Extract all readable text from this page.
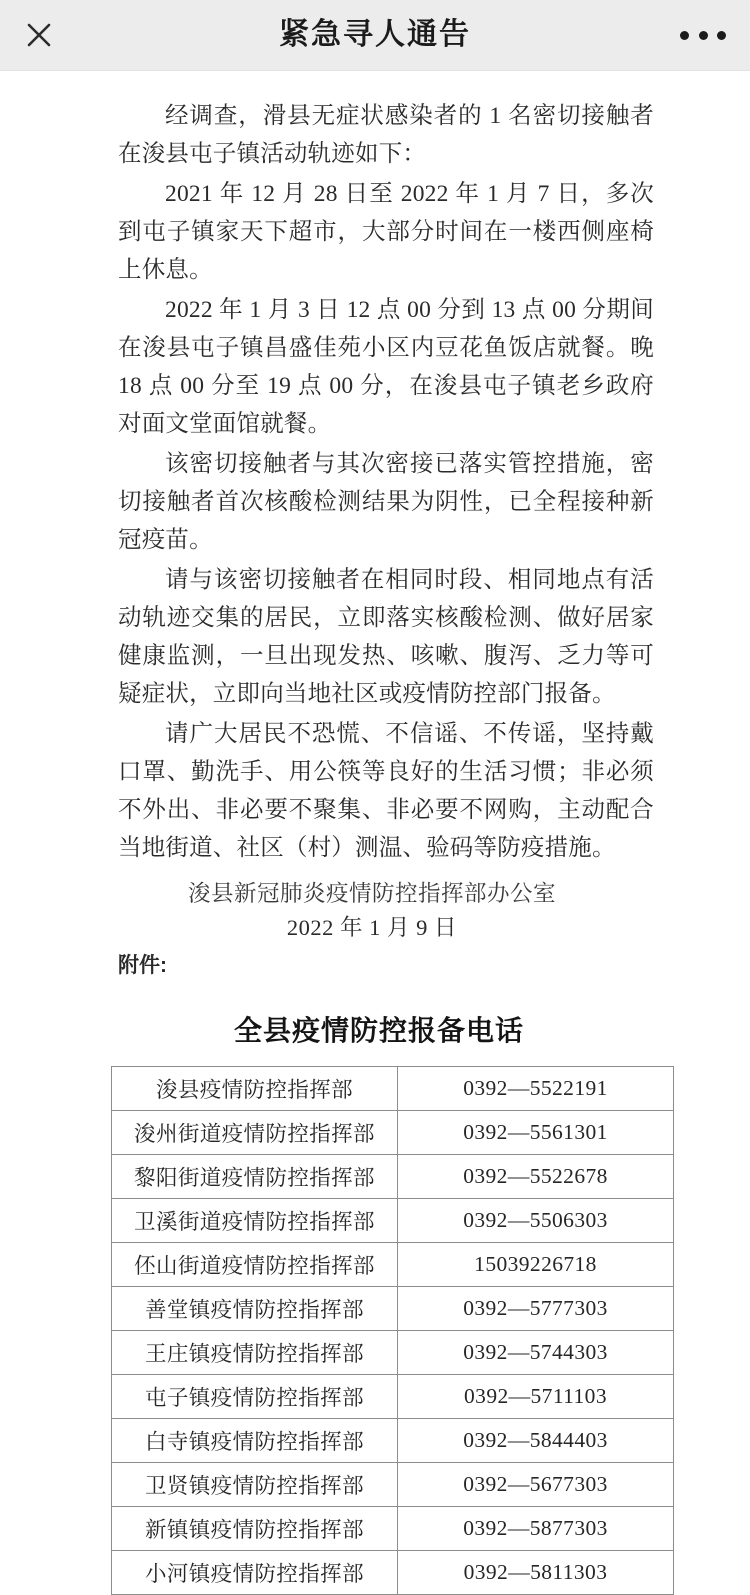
紧急寻人通告

经调查，滑县无症状感染者的 1 名密切接触者在浚县屯子镇活动轨迹如下：

2021 年 12 月 28 日至 2022 年 1 月 7 日，多次到屯子镇家天下超市，大部分时间在一楼西侧座椅上休息。

2022 年 1 月 3 日 12 点 00 分到 13 点 00 分期间在浚县屯子镇昌盛佳苑小区内豆花鱼饭店就餐。晚 18 点 00 分至 19 点 00 分，在浚县屯子镇老乡政府对面文堂面馆就餐。

该密切接触者与其次密接已落实管控措施，密切接触者首次核酸检测结果为阴性，已全程接种新冠疫苗。

请与该密切接触者在相同时段、相同地点有活动轨迹交集的居民，立即落实核酸检测、做好居家健康监测，一旦出现发热、咳嗽、腹泻、乏力等可疑症状，立即向当地社区或疫情防控部门报备。

请广大居民不恐慌、不信谣、不传谣，坚持戴口罩、勤洗手、用公筷等良好的生活习惯；非必须不外出、非必要不聚集、非必要不网购，主动配合当地街道、社区（村）测温、验码等防疫措施。

浚县新冠肺炎疫情防控指挥部办公室
2022 年 1 月 9 日
附件:
全县疫情防控报备电话
浚县疫情防控指挥部	0392—5522191
浚州街道疫情防控指挥部	0392—5561301
黎阳街道疫情防控指挥部	0392—5522678
卫溪街道疫情防控指挥部	0392—5506303
伾山街道疫情防控指挥部	15039226718
善堂镇疫情防控指挥部	0392—5777303
王庄镇疫情防控指挥部	0392—5744303
屯子镇疫情防控指挥部	0392—5711103
白寺镇疫情防控指挥部	0392—5844403
卫贤镇疫情防控指挥部	0392—5677303
新镇镇疫情防控指挥部	0392—5877303
小河镇疫情防控指挥部	0392—5811303
